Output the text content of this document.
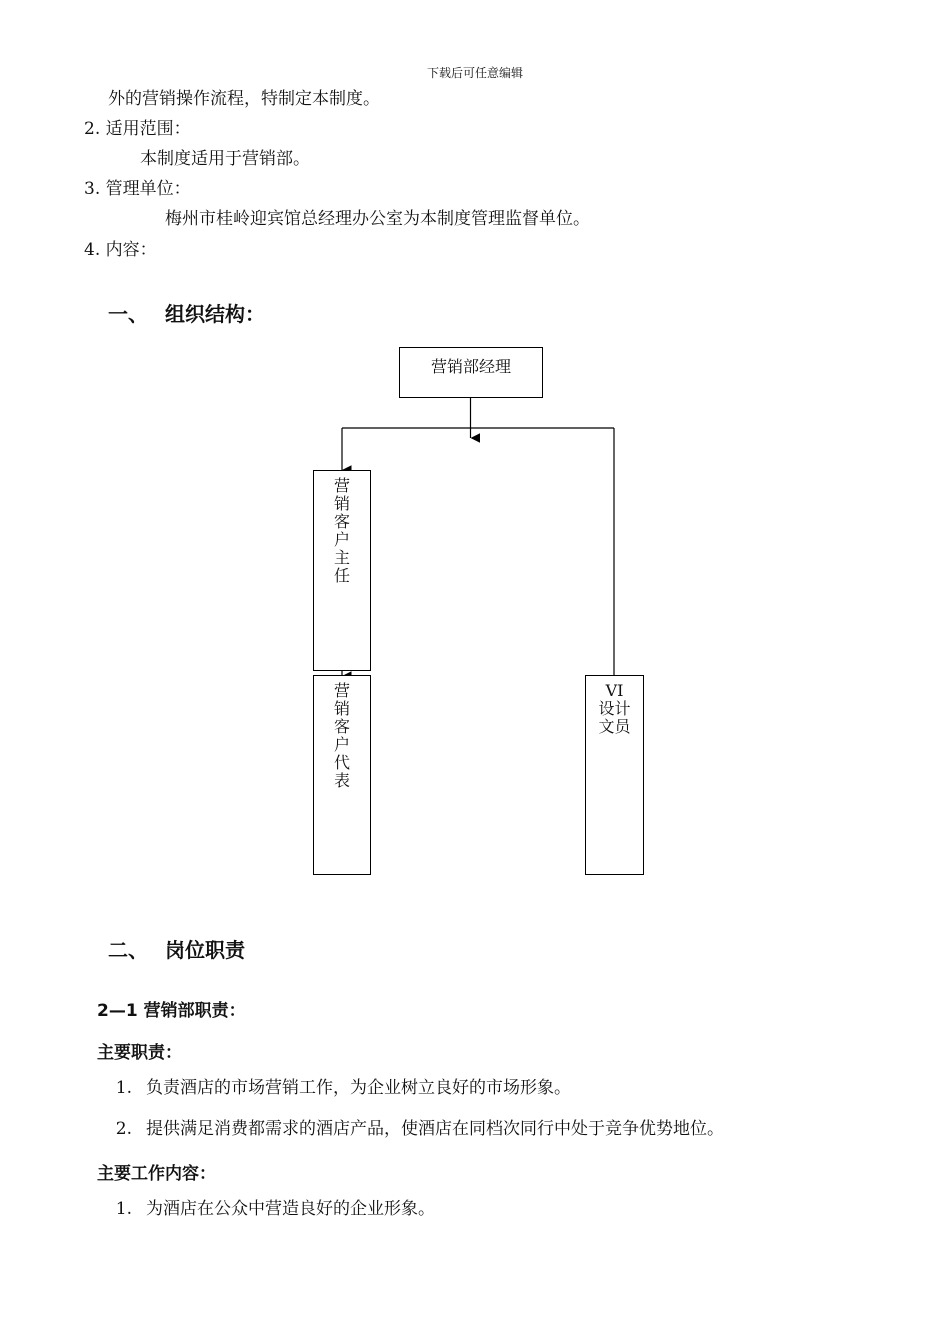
下载后可任意编辑
外的营销操作流程，特制定本制度。
2. 适用范围：
本制度适用于营销部。
3. 管理单位：
梅州市桂岭迎宾馆总经理办公室为本制度管理监督单位。
4. 内容：
一、 组织结构：
营销部经理
营销客户主任
营销客户代表
VI设计文员
二、 岗位职责
2—1 营销部职责：
主要职责：
1. 负责酒店的市场营销工作，为企业树立良好的市场形象。
2. 提供满足消费都需求的酒店产品，使酒店在同档次同行中处于竞争优势地位。
主要工作内容：
1. 为酒店在公众中营造良好的企业形象。
